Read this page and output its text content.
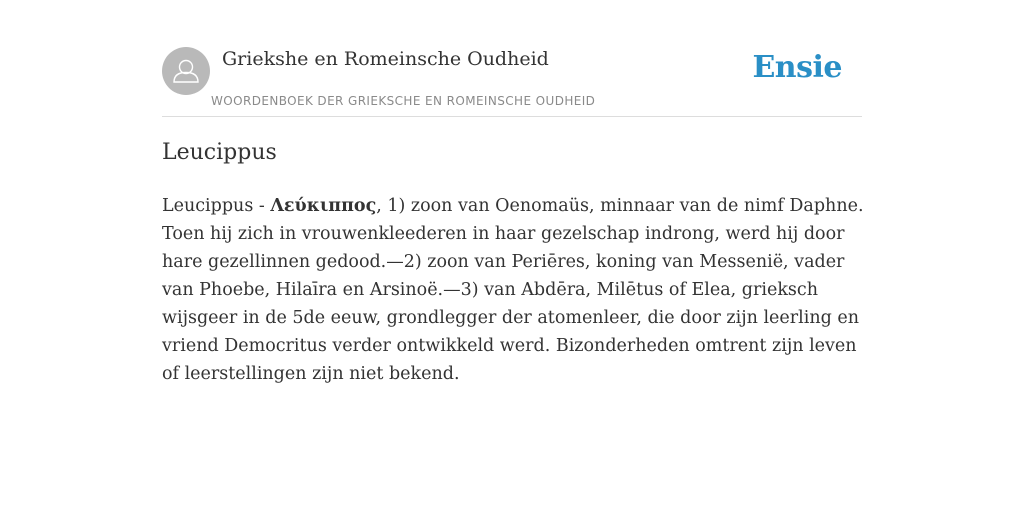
Griekshe en Romeinsche Oudheid
WOORDENBOEK DER GRIEKSCHE EN ROMEINSCHE OUDHEID
Ensie
Leucippus

Leucippus - Λεύκιππος, 1) zoon van Oenomaüs, minnaar van de nimf Daphne. Toen hij zich in vrouwenkleederen in haar gezelschap indrong, werd hij door hare gezellinnen gedood.—2) zoon van Periēres, koning van Messenië, vader van Phoebe, Hilaīra en Arsinoë.—3) van Abdēra, Milētus of Elea, grieksch wijsgeer in de 5de eeuw, grondlegger der atomenleer, die door zijn leerling en vriend Democritus verder ontwikkeld werd. Bizonderheden omtrent zijn leven of leerstellingen zijn niet bekend.
